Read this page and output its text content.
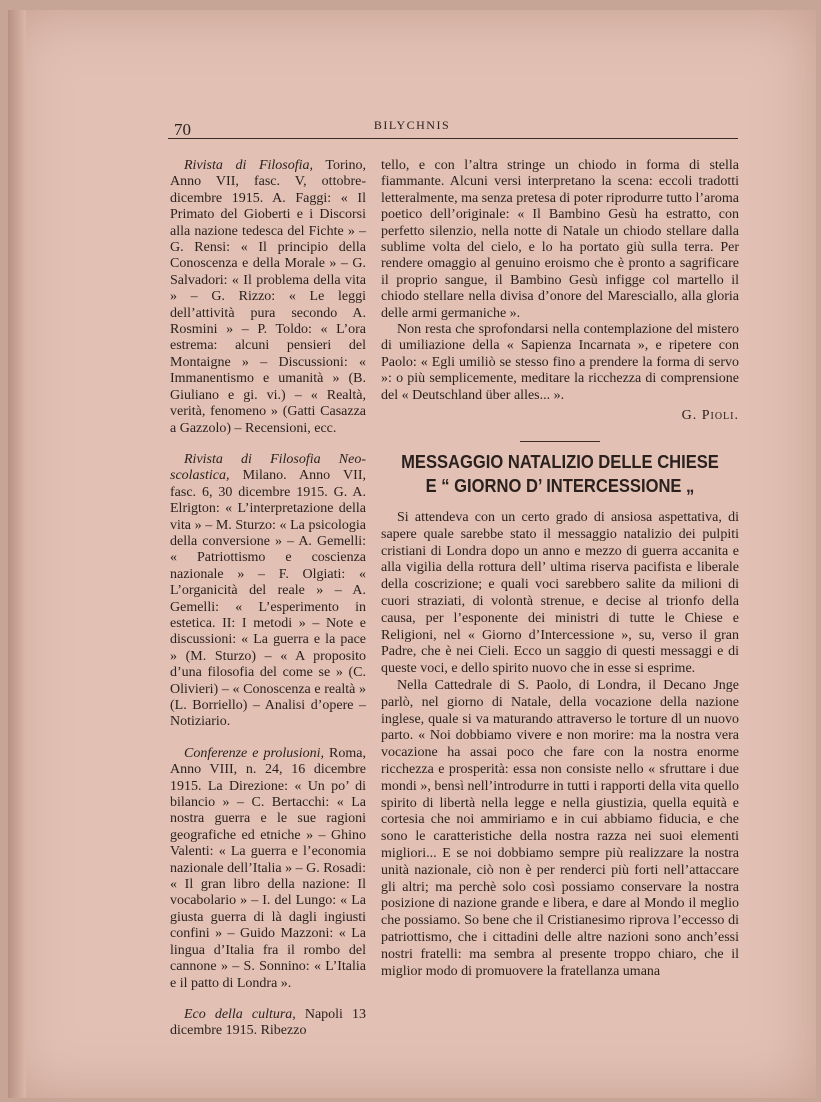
70	BILYCHNIS

Rivista di Filosofia, Torino, Anno VII, fasc. V, ottobre-dicembre 1915. A. Faggi: « Il Primato del Gioberti e i Discorsi alla nazione tedesca del Fichte » – G. Rensi: « Il principio della Conoscenza e della Morale » – G. Salvadori: « Il problema della vita » – G. Rizzo: « Le leggi dell’attività pura secondo A. Rosmini » – P. Toldo: « L’ora estrema: alcuni pensieri del Montaigne » – Discussioni: « Immanentismo e umanità » (B. Giuliano e gi. vi.) – « Realtà, verità, fenomeno » (Gatti Casazza a Gazzolo) – Recensioni, ecc.

Rivista di Filosofia Neo-scolastica, Milano. Anno VII, fasc. 6, 30 dicembre 1915. G. A. Elrigton: « L’interpretazione della vita » – M. Sturzo: « La psicologia della conversione » – A. Gemelli: « Patriottismo e coscienza nazionale » – F. Olgiati: « L’organicità del reale » – A. Gemelli: « L’esperimento in estetica. II: I metodi » – Note e discussioni: « La guerra e la pace » (M. Sturzo) – « A proposito d’una filosofia del come se » (C. Olivieri) – « Conoscenza e realtà » (L. Borriello) – Analisi d’opere – Notiziario.

Conferenze e prolusioni, Roma, Anno VIII, n. 24, 16 dicembre 1915. La Direzione: « Un po’ di bilancio » – C. Bertacchi: « La nostra guerra e le sue ragioni geografiche ed etniche » – Ghino Valenti: « La guerra e l’economia nazionale dell’Italia » – G. Rosadi: « Il gran libro della nazione: Il vocabolario » – I. del Lungo: « La giusta guerra di là dagli ingiusti confini » – Guido Mazzoni: « La lingua d’Italia fra il rombo del cannone » – S. Sonnino: « L’Italia e il patto di Londra ».

Eco della cultura, Napoli 13 dicembre 1915. Ribezzo

tello, e con l’altra stringe un chiodo in forma di stella fiammante. Alcuni versi interpretano la scena: eccoli tradotti letteralmente, ma senza pretesa di poter riprodurre tutto l’aroma poetico dell’originale: « Il Bambino Gesù ha estratto, con perfetto silenzio, nella notte di Natale un chiodo stellare dalla sublime volta del cielo, e lo ha portato giù sulla terra. Per rendere omaggio al genuino eroismo che è pronto a sagrificare il proprio sangue, il Bambino Gesù infigge col martello il chiodo stellare nella divisa d’onore del Maresciallo, alla gloria delle armi germaniche ».

Non resta che sprofondarsi nella contemplazione del mistero di umiliazione della « Sapienza Incarnata », e ripetere con Paolo: « Egli umiliò se stesso fino a prendere la forma di servo »: o più semplicemente, meditare la ricchezza di comprensione del « Deutschland über alles... ».

G. Pioli.

MESSAGGIO NATALIZIO DELLE CHIESE
E “ GIORNO D’ INTERCESSIONE „

Si attendeva con un certo grado di ansiosa aspettativa, di sapere quale sarebbe stato il messaggio natalizio dei pulpiti cristiani di Londra dopo un anno e mezzo di guerra accanita e alla vigilia della rottura dell’ ultima riserva pacifista e liberale della coscrizione; e quali voci sarebbero salite da milioni di cuori straziati, di volontà strenue, e decise al trionfo della causa, per l’esponente dei ministri di tutte le Chiese e Religioni, nel « Giorno d’Intercessione », su, verso il gran Padre, che è nei Cieli. Ecco un saggio di questi messaggi e di queste voci, e dello spirito nuovo che in esse si esprime.

Nella Cattedrale di S. Paolo, di Londra, il Decano Jnge parlò, nel giorno di Natale, della vocazione della nazione inglese, quale si va maturando attraverso le torture dl un nuovo parto. « Noi dobbiamo vivere e non morire: ma la nostra vera vocazione ha assai poco che fare con la nostra enorme ricchezza e prosperità: essa non consiste nello « sfruttare i due mondi », bensì nell’introdurre in tutti i rapporti della vita quello spirito di libertà nella legge e nella giustizia, quella equità e cortesia che noi ammiriamo e in cui abbiamo fiducia, e che sono le caratteristiche della nostra razza nei suoi elementi migliori... E se noi dobbiamo sempre più realizzare la nostra unità nazionale, ciò non è per renderci più forti nell’attaccare gli altri; ma perchè solo così possiamo conservare la nostra posizione di nazione grande e libera, e dare al Mondo il meglio che possiamo. So bene che il Cristianesimo riprova l’eccesso di patriottismo, che i cittadini delle altre nazioni sono anch’essi nostri fratelli: ma sembra al presente troppo chiaro, che il miglior modo di promuovere la fratellanza umana
